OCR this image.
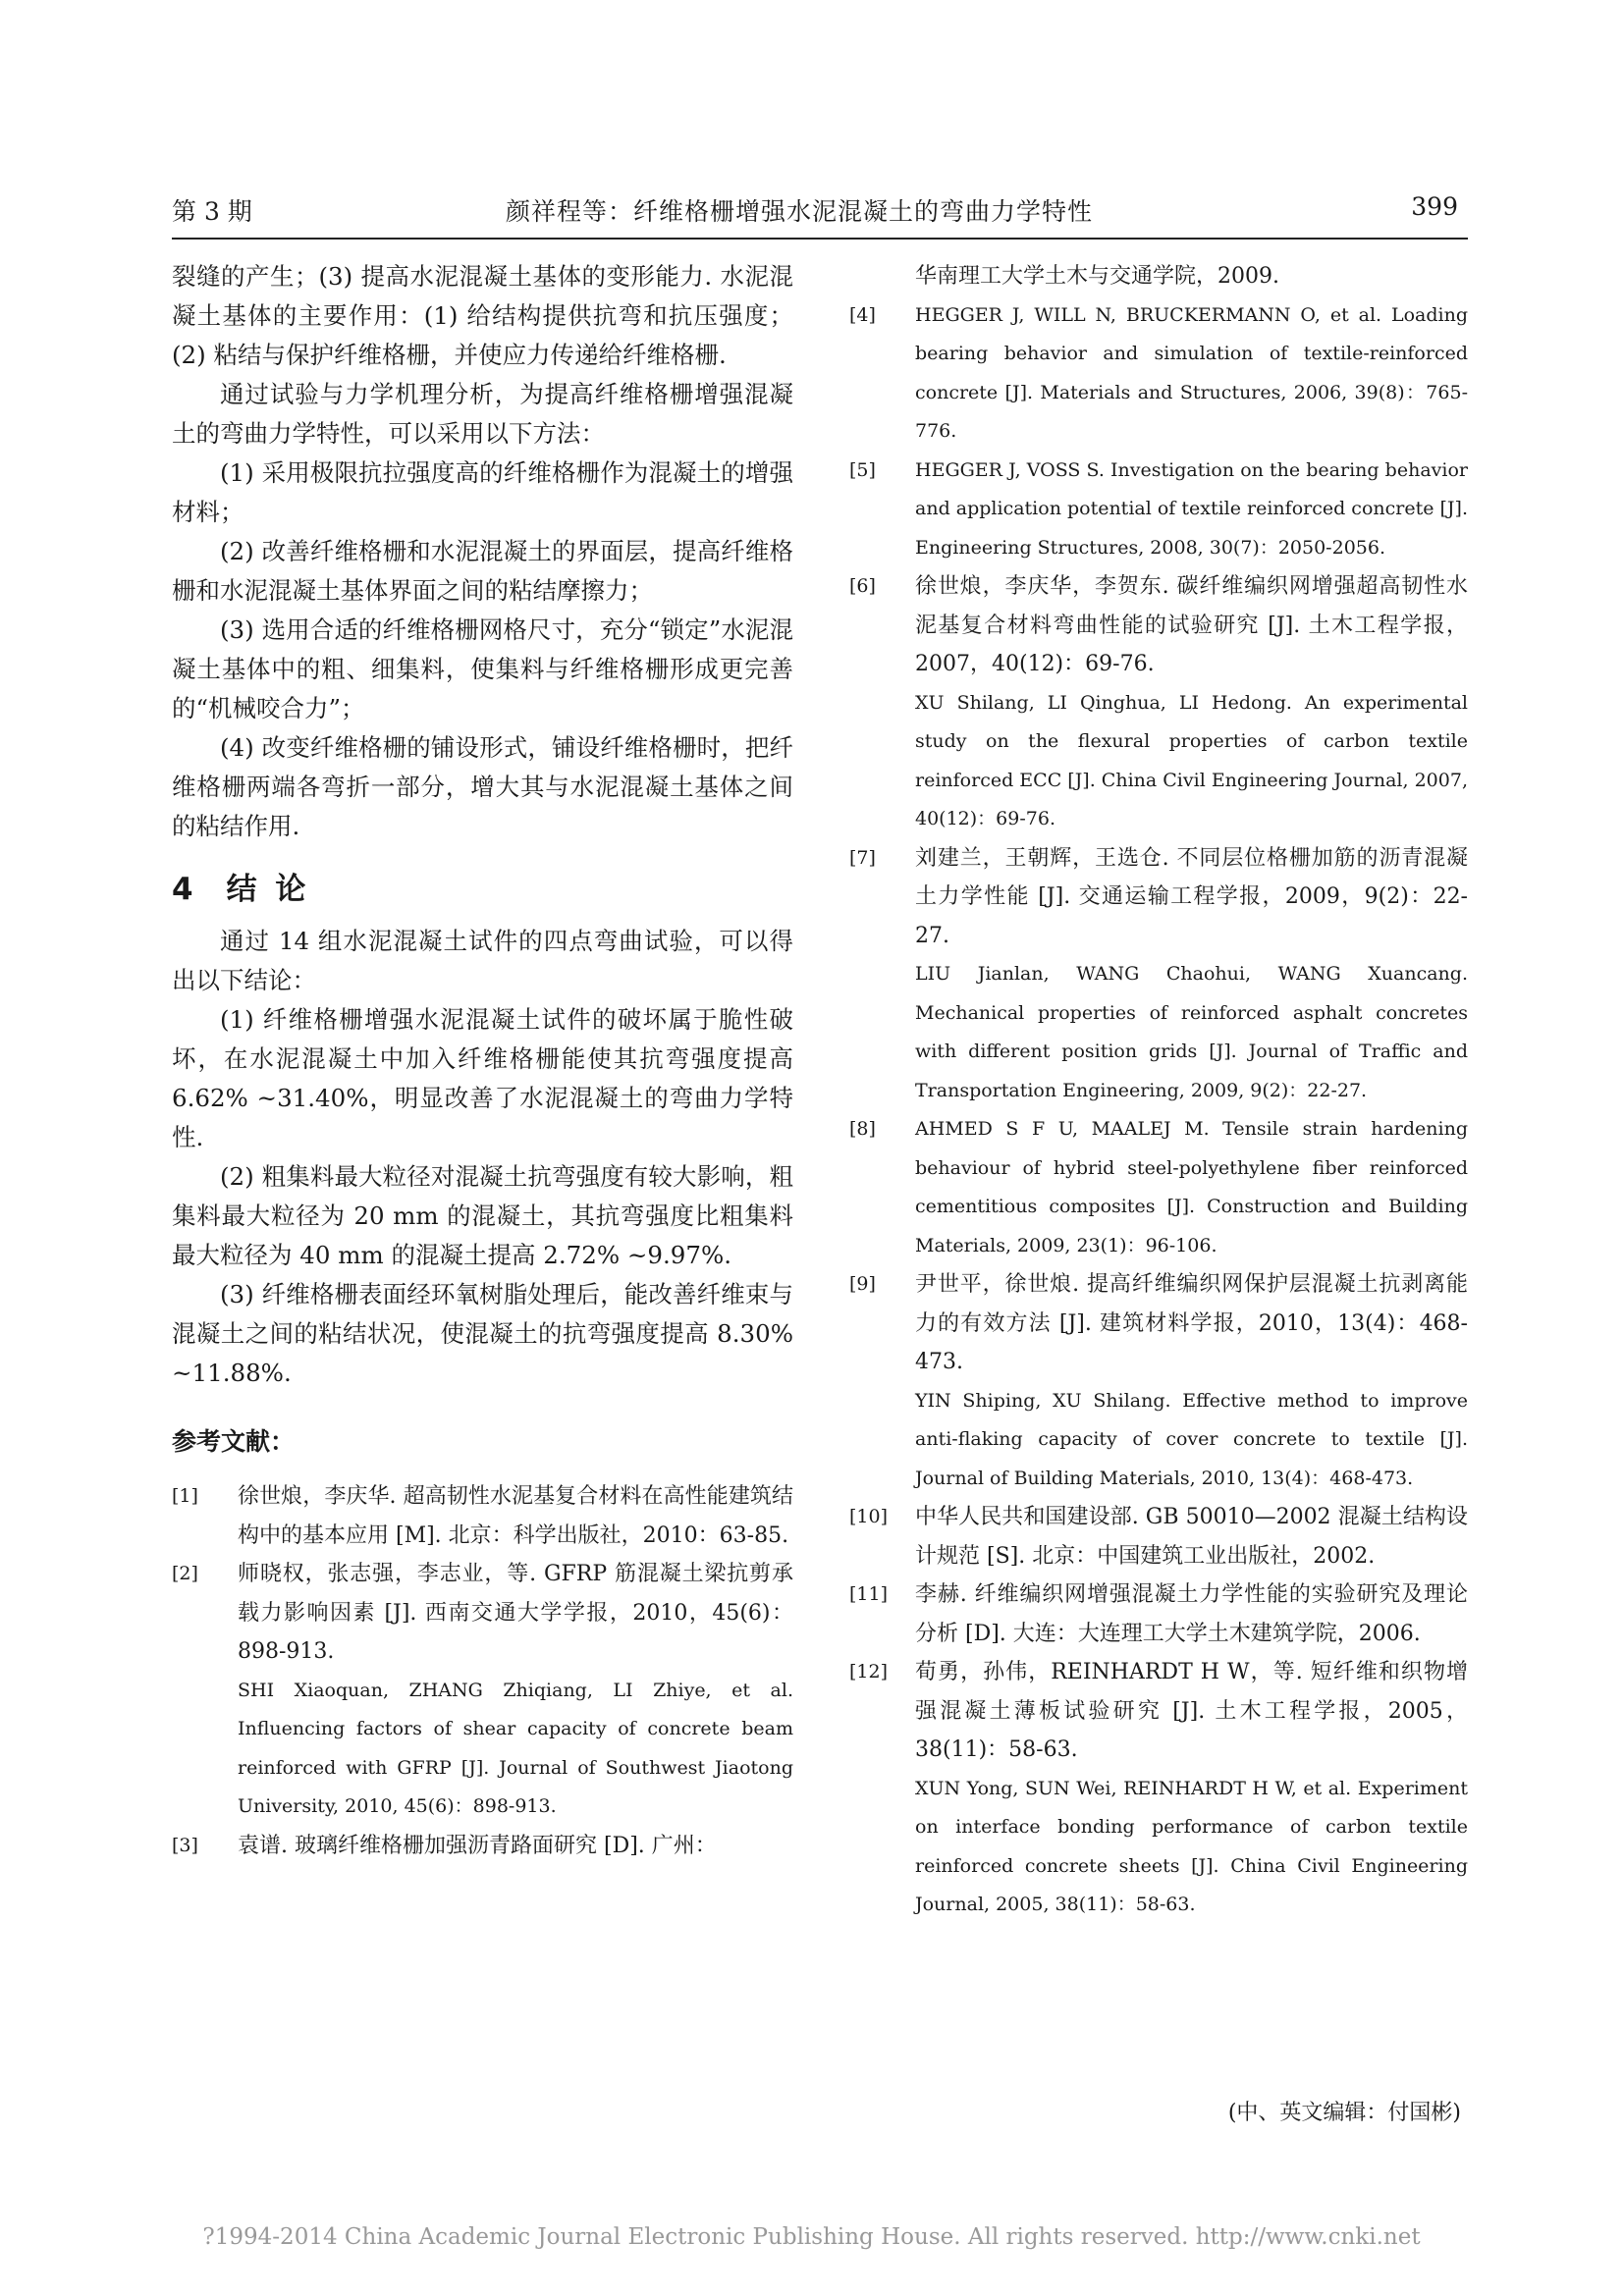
第 3 期	颜祥程等：纤维格栅增强水泥混凝土的弯曲力学特性	399

裂缝的产生；(3) 提高水泥混凝土基体的变形能力. 水泥混凝土基体的主要作用：(1) 给结构提供抗弯和抗压强度；(2) 粘结与保护纤维格栅，并使应力传递给纤维格栅.

通过试验与力学机理分析，为提高纤维格栅增强混凝土的弯曲力学特性，可以采用以下方法：

(1) 采用极限抗拉强度高的纤维格栅作为混凝土的增强材料；

(2) 改善纤维格栅和水泥混凝土的界面层，提高纤维格栅和水泥混凝土基体界面之间的粘结摩擦力；

(3) 选用合适的纤维格栅网格尺寸，充分“锁定”水泥混凝土基体中的粗、细集料，使集料与纤维格栅形成更完善的“机械咬合力”；

(4) 改变纤维格栅的铺设形式，铺设纤维格栅时，把纤维格栅两端各弯折一部分，增大其与水泥混凝土基体之间的粘结作用.

4 结 论

通过 14 组水泥混凝土试件的四点弯曲试验，可以得出以下结论：

(1) 纤维格栅增强水泥混凝土试件的破坏属于脆性破坏，在水泥混凝土中加入纤维格栅能使其抗弯强度提高 6.62% ~31.40%，明显改善了水泥混凝土的弯曲力学特性.

(2) 粗集料最大粒径对混凝土抗弯强度有较大影响，粗集料最大粒径为 20 mm 的混凝土，其抗弯强度比粗集料最大粒径为 40 mm 的混凝土提高 2.72% ~9.97%.

(3) 纤维格栅表面经环氧树脂处理后，能改善纤维束与混凝土之间的粘结状况，使混凝土的抗弯强度提高 8.30% ~11.88%.

参考文献：
[1] 徐世烺，李庆华. 超高韧性水泥基复合材料在高性能建筑结构中的基本应用 [M]. 北京：科学出版社，2010：63-85.
[2] 师晓权，张志强，李志业，等. GFRP 筋混凝土梁抗剪承载力影响因素 [J]. 西南交通大学学报，2010，45(6)：898-913.
SHI Xiaoquan, ZHANG Zhiqiang, LI Zhiye, et al. Influencing factors of shear capacity of concrete beam reinforced with GFRP [J]. Journal of Southwest Jiaotong University, 2010, 45(6)：898-913.
[3] 袁谱. 玻璃纤维格栅加强沥青路面研究 [D]. 广州：

华南理工大学土木与交通学院，2009.

[4] HEGGER J, WILL N, BRUCKERMANN O, et al. Loading bearing behavior and simulation of textile-reinforced concrete [J]. Materials and Structures, 2006, 39(8)：765-776.
[5] HEGGER J, VOSS S. Investigation on the bearing behavior and application potential of textile reinforced concrete [J]. Engineering Structures, 2008, 30(7)：2050-2056.
[6] 徐世烺，李庆华，李贺东. 碳纤维编织网增强超高韧性水泥基复合材料弯曲性能的试验研究 [J]. 土木工程学报，2007，40(12)：69-76.
XU Shilang, LI Qinghua, LI Hedong. An experimental study on the flexural properties of carbon textile reinforced ECC [J]. China Civil Engineering Journal, 2007, 40(12)：69-76.
[7] 刘建兰，王朝辉，王选仓. 不同层位格栅加筋的沥青混凝土力学性能 [J]. 交通运输工程学报，2009，9(2)：22-27.
LIU Jianlan, WANG Chaohui, WANG Xuancang. Mechanical properties of reinforced asphalt concretes with different position grids [J]. Journal of Traffic and Transportation Engineering, 2009, 9(2)：22-27.
[8] AHMED S F U, MAALEJ M. Tensile strain hardening behaviour of hybrid steel-polyethylene fiber reinforced cementitious composites [J]. Construction and Building Materials, 2009, 23(1)：96-106.
[9] 尹世平，徐世烺. 提高纤维编织网保护层混凝土抗剥离能力的有效方法 [J]. 建筑材料学报，2010，13(4)：468-473.
YIN Shiping, XU Shilang. Effective method to improve anti-flaking capacity of cover concrete to textile [J]. Journal of Building Materials, 2010, 13(4)：468-473.
[10] 中华人民共和国建设部. GB 50010—2002 混凝土结构设计规范 [S]. 北京：中国建筑工业出版社，2002.
[11] 李赫. 纤维编织网增强混凝土力学性能的实验研究及理论分析 [D]. 大连：大连理工大学土木建筑学院，2006.
[12] 荀勇，孙伟，REINHARDT H W，等. 短纤维和织物增强混凝土薄板试验研究 [J]. 土木工程学报，2005，38(11)：58-63.
XUN Yong, SUN Wei, REINHARDT H W, et al. Experiment on interface bonding performance of carbon textile reinforced concrete sheets [J]. China Civil Engineering Journal, 2005, 38(11)：58-63.
(中、英文编辑：付国彬)
?1994-2014 China Academic Journal Electronic Publishing House. All rights reserved. http://www.cnki.net
